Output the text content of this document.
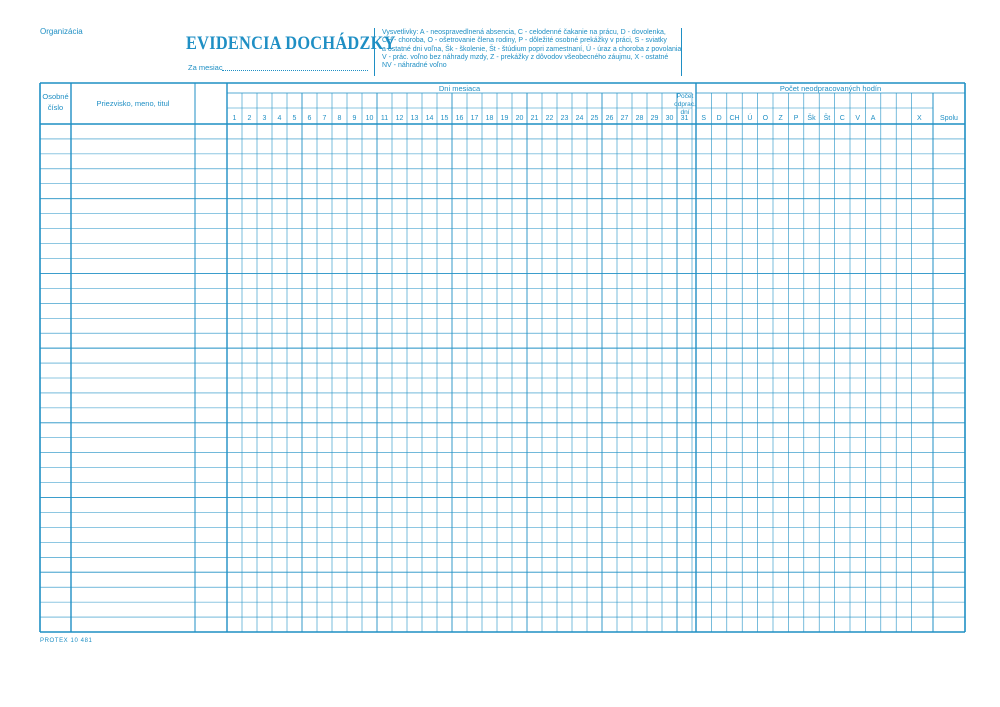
Organizácia
EVIDENCIA DOCHÁDZKY
Za mesiac
Vysvetlivky: A - neospravedlnená absencia, C - celodenné čakanie na prácu, D - dovolenka,
CH - choroba, O - ošetrovanie člena rodiny, P - dôležité osobné prekážky v práci, S - sviatky
a ostatné dni voľna, Šk - školenie, Št - štúdium popri zamestnaní, Ú - úraz a choroba z povolania
V - prác. voľno bez náhrady mzdy, Z - prekážky z dôvodov všeobecného záujmu, X - ostatné
NV - náhradné voľno
Osobné
číslo	Priezvisko, meno, titul
Dni mesiaca
1 2 3 4 5 6 7 8 9 10 11 12 13 14 15 16 17 18 19 20 21 22 23 24 25 26 27 28 29 30 31
Počet
odprac.
dní
Počet neodpracovaných hodín
S D CH Ú O Z P Šk Št C V A	X	Spolu
PROTEX 10 481
